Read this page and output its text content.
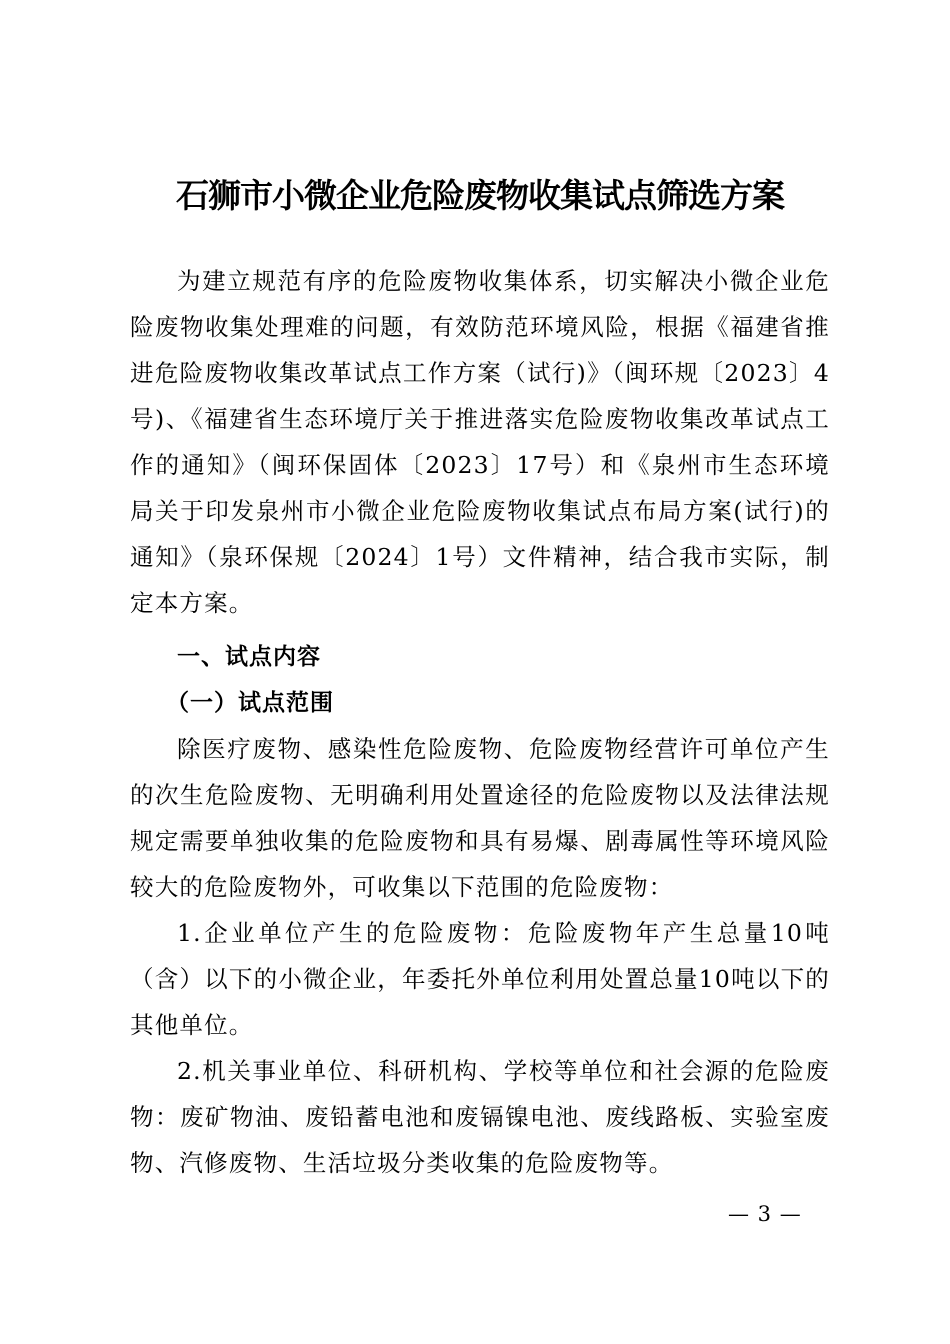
石狮市小微企业危险废物收集试点筛选方案

为建立规范有序的危险废物收集体系，切实解决小微企业危险废物收集处理难的问题，有效防范环境风险，根据《福建省推进危险废物收集改革试点工作方案（试行)》（闽环规〔2023〕4号)、《福建省生态环境厅关于推进落实危险废物收集改革试点工作的通知》（闽环保固体〔2023〕17号）和《泉州市生态环境局关于印发泉州市小微企业危险废物收集试点布局方案(试行)的通知》（泉环保规〔2024〕1号）文件精神，结合我市实际，制定本方案。

一、试点内容

（一）试点范围

除医疗废物、感染性危险废物、危险废物经营许可单位产生的次生危险废物、无明确利用处置途径的危险废物以及法律法规规定需要单独收集的危险废物和具有易爆、剧毒属性等环境风险较大的危险废物外，可收集以下范围的危险废物：

1.企业单位产生的危险废物：危险废物年产生总量10吨（含）以下的小微企业，年委托外单位利用处置总量10吨以下的其他单位。

2.机关事业单位、科研机构、学校等单位和社会源的危险废物：废矿物油、废铅蓄电池和废镉镍电池、废线路板、实验室废物、汽修废物、生活垃圾分类收集的危险废物等。

— 3 —
